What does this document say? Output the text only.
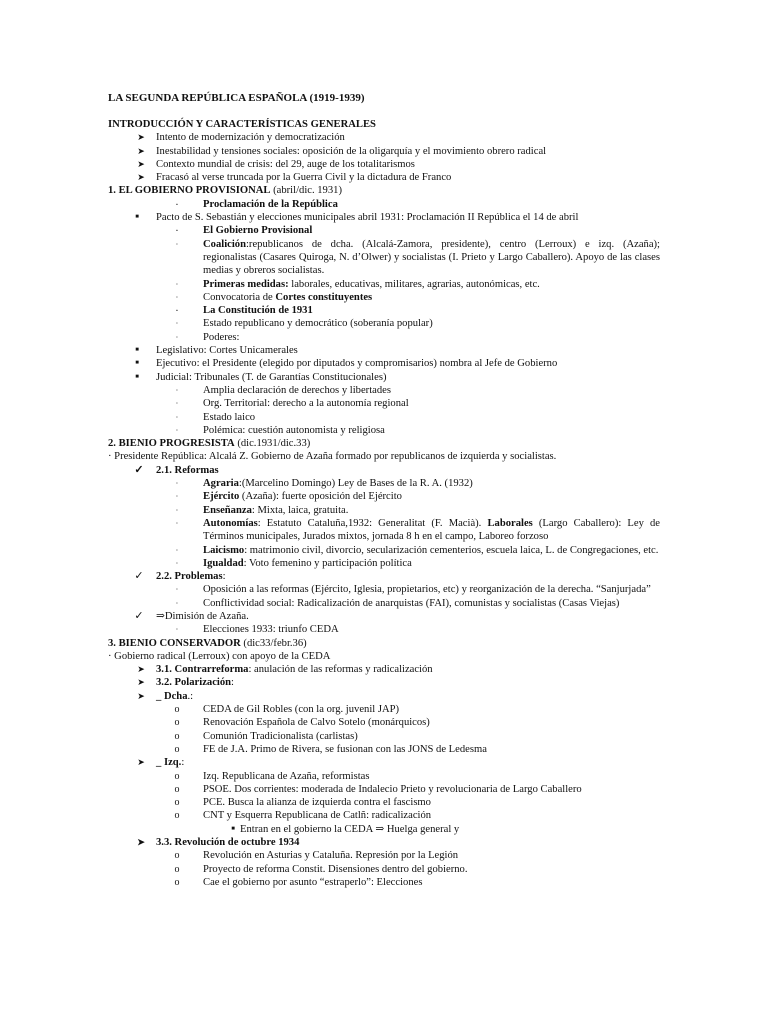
LA SEGUNDA REPÚBLICA ESPAÑOLA (1919-1939)
INTRODUCCIÓN Y CARACTERÍSTICAS GENERALES
➤	Intento de modernización y democratización
➤	Inestabilidad y tensiones sociales: oposición de la oligarquía y el movimiento obrero radical
➤	Contexto mundial de crisis: del 29, auge de los totalitarismos
➤	Fracasó al verse truncada por la Guerra Civil y la dictadura de Franco
1. EL GOBIERNO PROVISIONAL (abril/dic. 1931)
·	Proclamación de la República
■	Pacto de S. Sebastián y elecciones municipales abril 1931: Proclamación II República el 14 de abril
·	El Gobierno Provisional
·	Coalición:republicanos de dcha. (Alcalá-Zamora, presidente), centro (Lerroux) e izq. (Azaña); regionalistas (Casares Quiroga, N. d’Olwer) y socialistas (I. Prieto y Largo Caballero). Apoyo de las clases medias y obreros socialistas.
·	Primeras medidas: laborales, educativas, militares, agrarias, autonómicas, etc.
·	Convocatoria de Cortes constituyentes
·	La Constitución de 1931
·	Estado republicano y democrático (soberanía popular)
·	Poderes:
■	Legislativo: Cortes Unicamerales
■	Ejecutivo: el Presidente (elegido por diputados y compromisarios) nombra al Jefe de Gobierno
■	Judicial: Tribunales (T. de Garantías Constitucionales)
·	Amplia declaración de derechos y libertades
·	Org. Territorial: derecho a la autonomía regional
·	Estado laico
·	Polémica: cuestión autonomista y religiosa
2. BIENIO PROGRESISTA (dic.1931/dic.33)
· Presidente República: Alcalá Z. Gobierno de Azaña formado por republicanos de izquierda y socialistas.
✓ 2.1. Reformas
·	Agraria:(Marcelino Domingo) Ley de Bases de la R. A. (1932)
·	Ejército (Azaña): fuerte oposición del Ejército
·	Enseñanza: Mixta, laica, gratuita.
·	Autonomías: Estatuto Cataluña,1932: Generalitat (F. Macià). Laborales (Largo Caballero): Ley de Términos municipales, Jurados mixtos, jornada 8 h en el campo, Laboreo forzoso
·	Laicismo: matrimonio civil, divorcio, secularización cementerios, escuela laica, L. de Congregaciones, etc.
·	Igualdad: Voto femenino y participación política
✓ 2.2. Problemas:
·	Oposición a las reformas (Ejército, Iglesia, propietarios, etc) y reorganización de la derecha. “Sanjurjada”
·	Conflictividad social: Radicalización de anarquistas (FAI), comunistas y socialistas (Casas Viejas)
✓ ⇒Dimisión de Azaña.
·	Elecciones 1933: triunfo CEDA
3. BIENIO CONSERVADOR (dic33/febr.36)
· Gobierno radical (Lerroux) con apoyo de la CEDA
➤	3.1. Contrarreforma: anulación de las reformas y radicalización
➤	3.2. Polarización:
➤	_ Dcha.:
o	CEDA de Gil Robles (con la org. juvenil JAP)
o	Renovación Española de Calvo Sotelo (monárquicos)
o	Comunión Tradicionalista (carlistas)
o	FE de J.A. Primo de Rivera, se fusionan con las JONS de Ledesma
➤	_ Izq.:
o	Izq. Republicana de Azaña, reformistas
o	PSOE. Dos corrientes: moderada de Indalecio Prieto y revolucionaria de Largo Caballero
o	PCE. Busca la alianza de izquierda contra el fascismo
o	CNT y Esquerra Republicana de Catlñ: radicalización
■ Entran en el gobierno la CEDA ⇒ Huelga general y
➤	3.3. Revolución de octubre 1934
o	Revolución en Asturias y Cataluña. Represión por la Legión
o	Proyecto de reforma Constit. Disensiones dentro del gobierno.
o	Cae el gobierno por asunto “estraperlo”: Elecciones
